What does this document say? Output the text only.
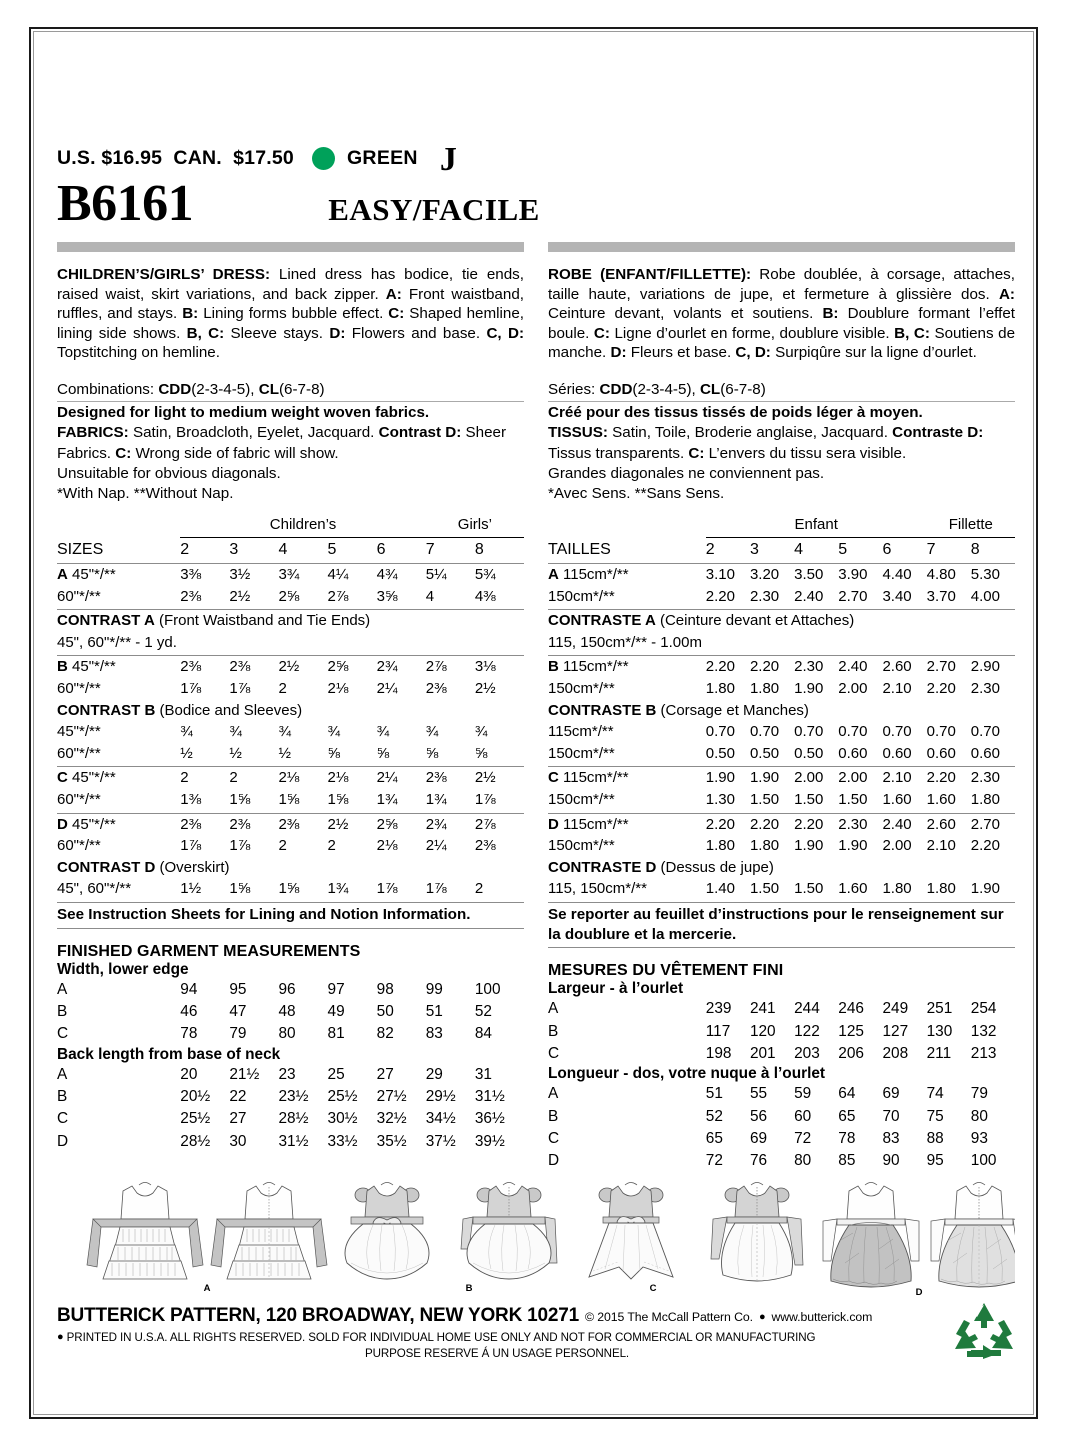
U.S. $16.95  CAN.  $17.50	GREEN J
B6161	EASY/FACILE
CHILDREN’S/GIRLS’ DRESS: Lined dress has bodice, tie ends, raised waist, skirt variations, and back zipper. A: Front waistband, ruffles, and stays. B: Lining forms bubble effect. C: Shaped hemline, lining side shows. B, C: Sleeve stays. D: Flowers and base. C, D: Topstitching on hemline.
Combinations: CDD(2-3-4-5), CL(6-7-8)
Designed for light to medium weight woven fabrics.
FABRICS: Satin, Broadcloth, Eyelet, Jacquard. Contrast D: Sheer Fabrics. C: Wrong side of fabric will show.
Unsuitable for obvious diagonals.
*With Nap. **Without Nap.

	Children’s					Girls’	

SIZES	2	3	4	5	6	7	8
A 45"*/**	3⅜	3½	3¾	4¼	4¾	5¼	5¾
60"*/**	2⅜	2½	2⅝	2⅞	3⅝	4	4⅜
CONTRAST A (Front Waistband and Tie Ends)							
45", 60"*/** - 1 yd.							
B 45"*/**	2⅜	2⅜	2½	2⅝	2¾	2⅞	3⅛
60"*/**	1⅞	1⅞	2	2⅛	2¼	2⅜	2½
CONTRAST B (Bodice and Sleeves)							
45"*/**	¾	¾	¾	¾	¾	¾	¾
60"*/**	½	½	½	⅝	⅝	⅝	⅝
C 45"*/**	2	2	2⅛	2⅛	2¼	2⅜	2½
60"*/**	1⅜	1⅝	1⅝	1⅝	1¾	1¾	1⅞
D 45"*/**	2⅜	2⅜	2⅜	2½	2⅝	2¾	2⅞
60"*/**	1⅞	1⅞	2	2	2⅛	2¼	2⅜
CONTRAST D (Overskirt)							
45", 60"*/**	1½	1⅝	1⅝	1¾	1⅞	1⅞	2
See Instruction Sheets for Lining and Notion Information.
FINISHED GARMENT MEASUREMENTS
Width, lower edge
A	94	95	96	97	98	99	100
B	46	47	48	49	50	51	52
C	78	79	80	81	82	83	84
Back length from base of neck
A	20	21½	23	25	27	29	31
B	20½	22	23½	25½	27½	29½	31½
C	25½	27	28½	30½	32½	34½	36½
D	28½	30	31½	33½	35½	37½	39½
ROBE (ENFANT/FILLETTE): Robe doublée, à corsage, attaches, taille haute, variations de jupe, et fermeture à glissière dos. A: Ceinture devant, volants et soutiens. B: Doublure formant l’effet boule. C: Ligne d’ourlet en forme, doublure visible. B, C: Soutiens de manche. D: Fleurs et base. C, D: Surpiqûre sur la ligne d’ourlet.
Séries: CDD(2-3-4-5), CL(6-7-8)
Créé pour des tissus tissés de poids léger à moyen.
TISSUS: Satin, Toile, Broderie anglaise, Jacquard. Contraste D: Tissus transparents. C: L’envers du tissu sera visible.
Grandes diagonales ne conviennent pas.
*Avec Sens. **Sans Sens.

	Enfant					Fillette	

TAILLES	2	3	4	5	6	7	8
A 115cm*/**	3.10	3.20	3.50	3.90	4.40	4.80	5.30
150cm*/**	2.20	2.30	2.40	2.70	3.40	3.70	4.00
CONTRASTE A (Ceinture devant et Attaches)							
115, 150cm*/** - 1.00m							
B 115cm*/**	2.20	2.20	2.30	2.40	2.60	2.70	2.90
150cm*/**	1.80	1.80	1.90	2.00	2.10	2.20	2.30
CONTRASTE B (Corsage et Manches)							
115cm*/**	0.70	0.70	0.70	0.70	0.70	0.70	0.70
150cm*/**	0.50	0.50	0.50	0.60	0.60	0.60	0.60
C 115cm*/**	1.90	1.90	2.00	2.00	2.10	2.20	2.30
150cm*/**	1.30	1.50	1.50	1.50	1.60	1.60	1.80
D 115cm*/**	2.20	2.20	2.20	2.30	2.40	2.60	2.70
150cm*/**	1.80	1.80	1.90	1.90	2.00	2.10	2.20
CONTRASTE D (Dessus de jupe)							
115, 150cm*/**	1.40	1.50	1.50	1.60	1.80	1.80	1.90
Se reporter au feuillet d’instructions pour le renseignement sur la doublure et la mercerie.
MESURES DU VÊTEMENT FINI
Largeur - à l’ourlet
A	239	241	244	246	249	251	254
B	117	120	122	125	127	130	132
C	198	201	203	206	208	211	213
Longueur - dos, votre nuque à l’ourlet
A	51	55	59	64	69	74	79
B	52	56	60	65	70	75	80
C	65	69	72	78	83	88	93
D	72	76	80	85	90	95	100
A	B	C	D
BUTTERICK PATTERN, 120 BROADWAY, NEW YORK 10271 © 2015 The McCall Pattern Co. ● www.butterick.com
● PRINTED IN U.S.A. ALL RIGHTS RESERVED. SOLD FOR INDIVIDUAL HOME USE ONLY AND NOT FOR COMMERCIAL OR MANUFACTURING
PURPOSE RESERVE Á UN USAGE PERSONNEL.
